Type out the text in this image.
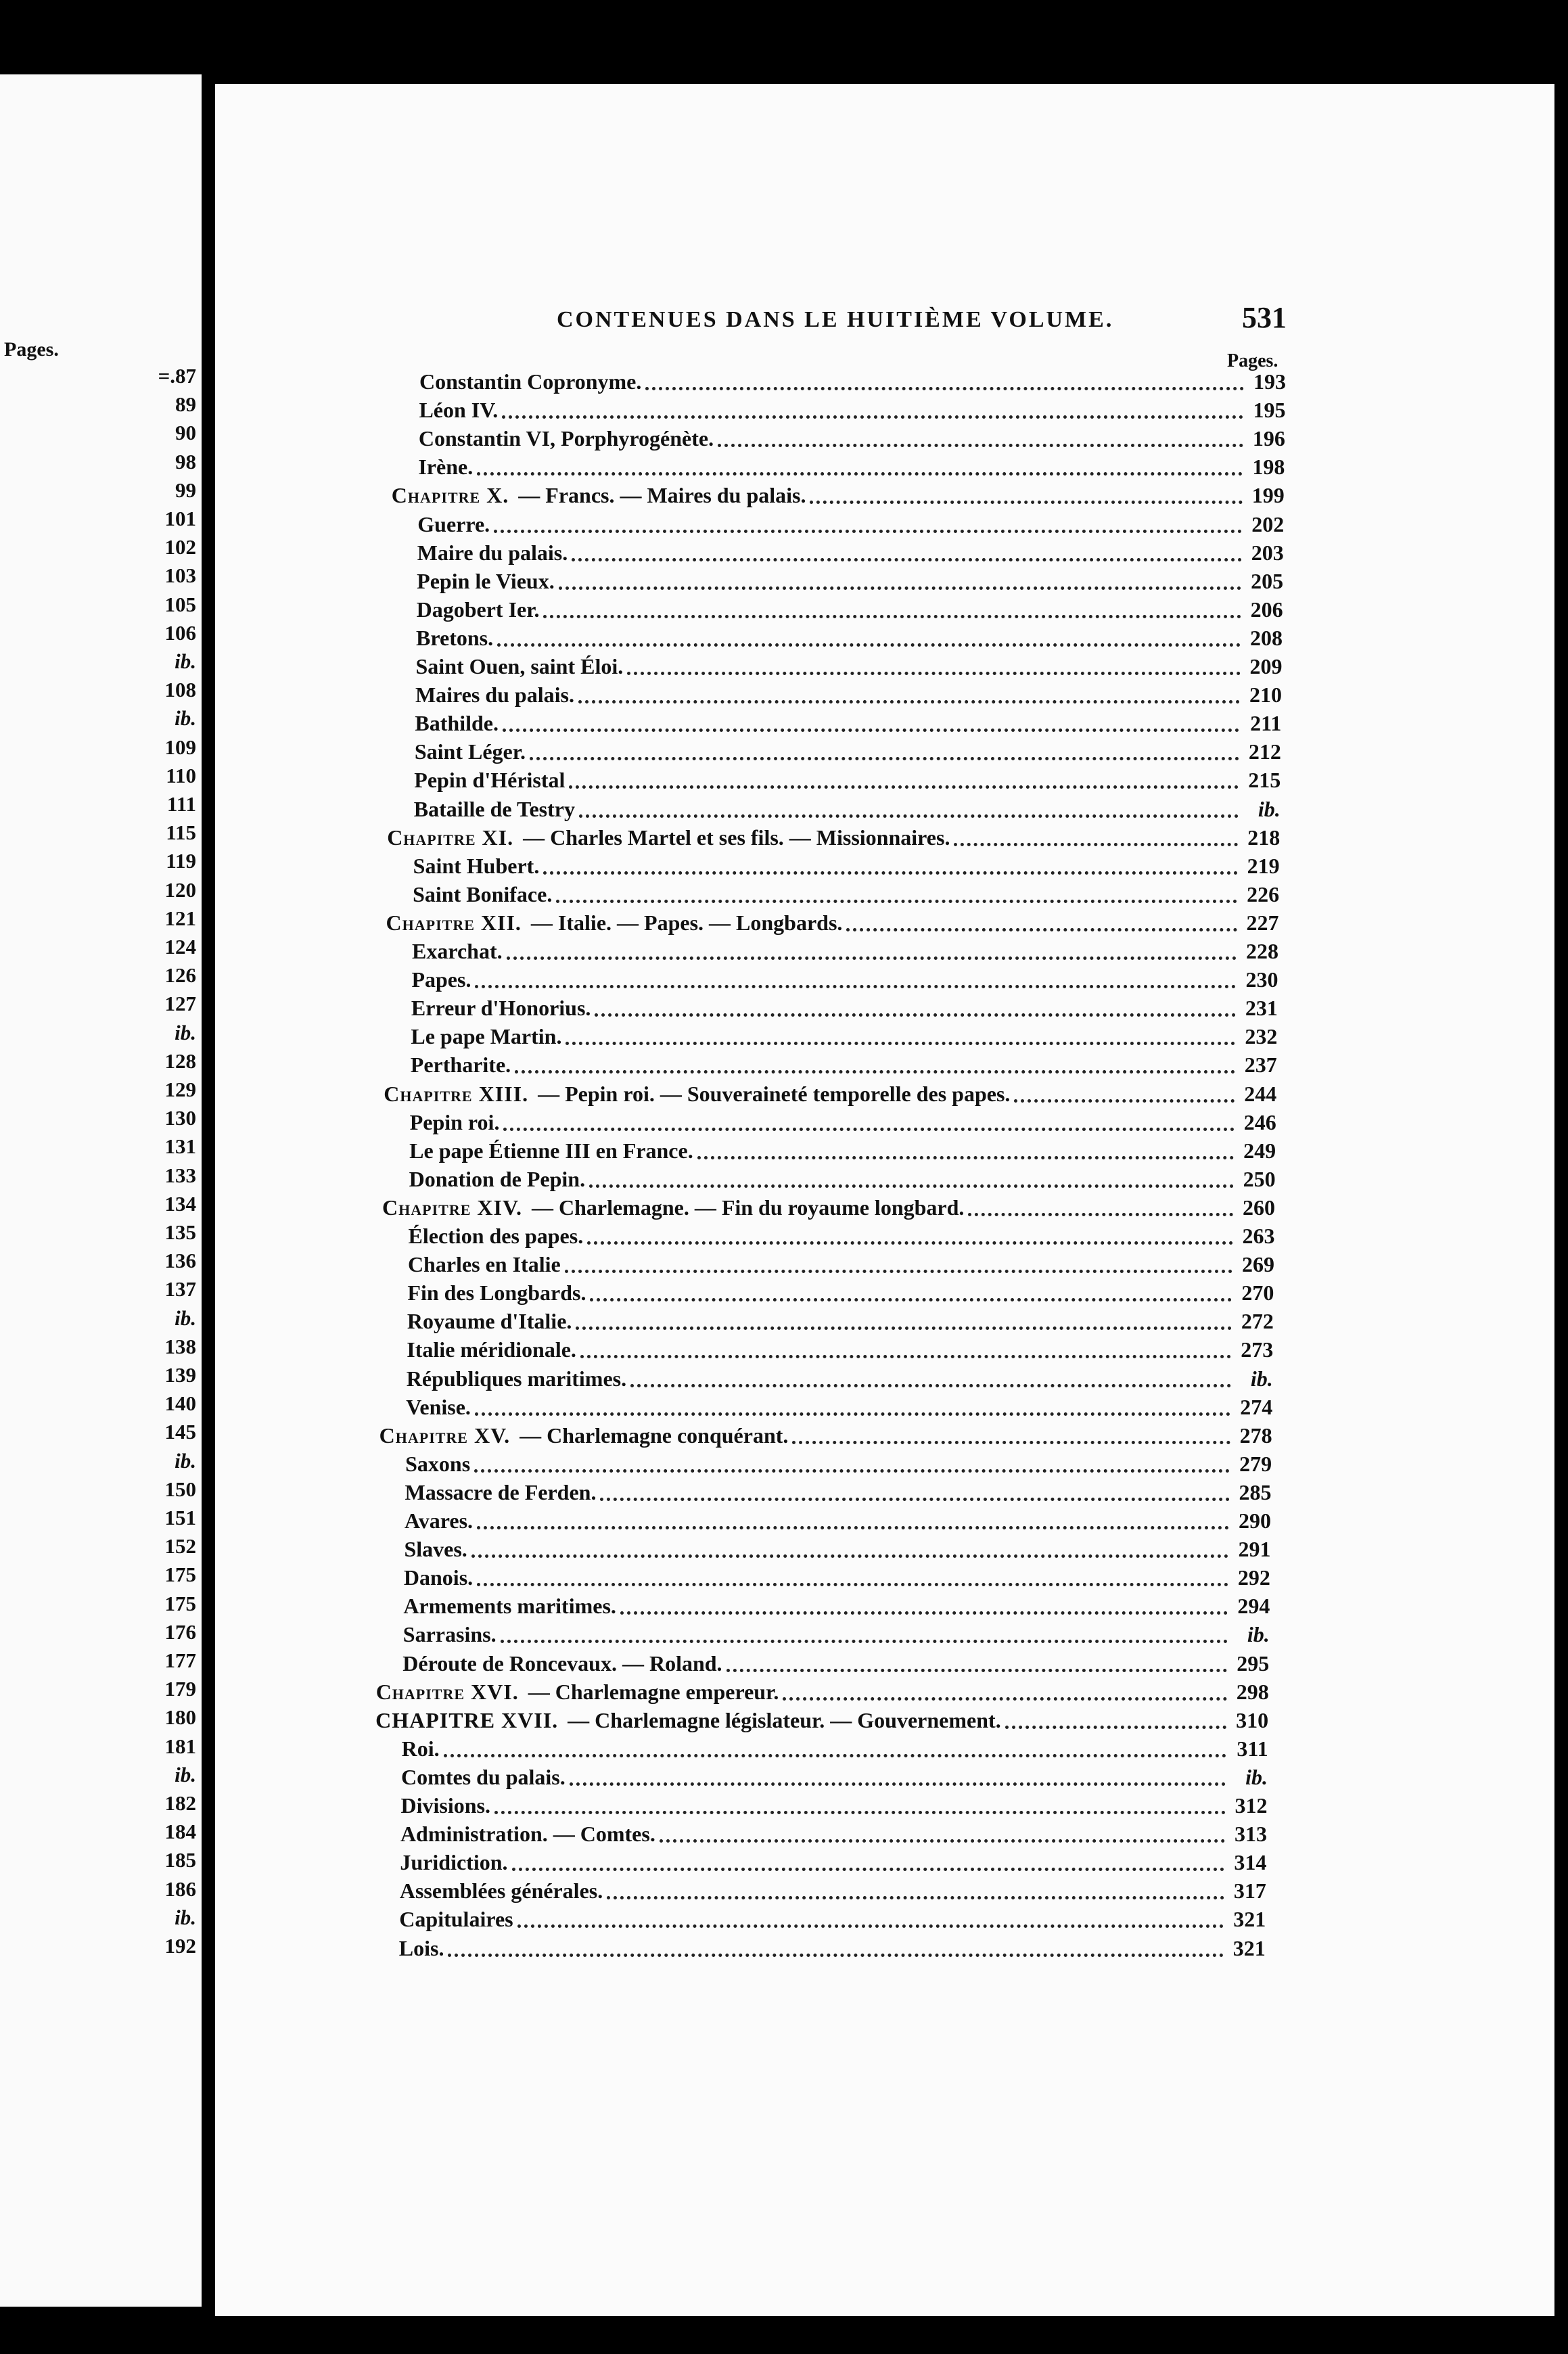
Pages.
=.87
89
90
98
99
101
102
103
105
106
ib.
108
ib.
109
110
111
115
119
120
121
124
126
127
ib.
128
129
130
131
133
134
135
136
137
ib.
138
139
140
145
ib.
150
151
152
175
175
176
177
179
180
181
ib.
182
184
185
186
ib.
192
CONTENUES DANS LE HUITIÈME VOLUME.	531
Pages.
Constantin Copronyme.	193
Léon IV.	195
Constantin VI, Porphyrogénète.	196
Irène.	198
Chapitre X. — Francs. — Maires du palais.	199
Guerre.	202
Maire du palais.	203
Pepin le Vieux.	205
Dagobert Ier.	206
Bretons.	208
Saint Ouen, saint Éloi.	209
Maires du palais.	210
Bathilde.	211
Saint Léger.	212
Pepin d'Héristal	215
Bataille de Testry	ib.
Chapitre XI. — Charles Martel et ses fils. — Missionnaires.	218
Saint Hubert.	219
Saint Boniface.	226
Chapitre XII. — Italie. — Papes. — Longbards.	227
Exarchat.	228
Papes.	230
Erreur d'Honorius.	231
Le pape Martin.	232
Pertharite.	237
Chapitre XIII. — Pepin roi. — Souveraineté temporelle des papes.	244
Pepin roi.	246
Le pape Étienne III en France.	249
Donation de Pepin.	250
Chapitre XIV. — Charlemagne. — Fin du royaume longbard.	260
Élection des papes.	263
Charles en Italie	269
Fin des Longbards.	270
Royaume d'Italie.	272
Italie méridionale.	273
Républiques maritimes.	ib.
Venise.	274
Chapitre XV. — Charlemagne conquérant.	278
Saxons	279
Massacre de Ferden.	285
Avares.	290
Slaves.	291
Danois.	292
Armements maritimes.	294
Sarrasins.	ib.
Déroute de Roncevaux. — Roland.	295
Chapitre XVI. — Charlemagne empereur.	298
CHAPITRE XVII. — Charlemagne législateur. — Gouvernement.	310
Roi.	311
Comtes du palais.	ib.
Divisions.	312
Administration. — Comtes.	313
Juridiction.	314
Assemblées générales.	317
Capitulaires	321
Lois.	321
